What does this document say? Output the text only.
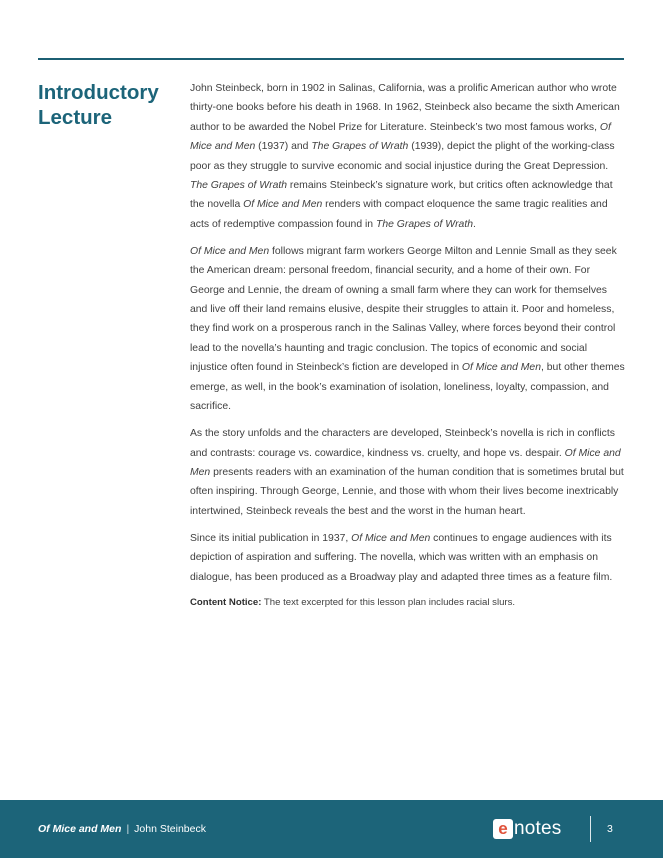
Introductory Lecture

John Steinbeck, born in 1902 in Salinas, California, was a prolific American author who wrote thirty-one books before his death in 1968. In 1962, Steinbeck also became the sixth American author to be awarded the Nobel Prize for Literature. Steinbeck’s two most famous works, Of Mice and Men (1937) and The Grapes of Wrath (1939), depict the plight of the working-class poor as they struggle to survive economic and social injustice during the Great Depression. The Grapes of Wrath remains Steinbeck’s signature work, but critics often acknowledge that the novella Of Mice and Men renders with compact eloquence the same tragic realities and acts of redemptive compassion found in The Grapes of Wrath.

Of Mice and Men follows migrant farm workers George Milton and Lennie Small as they seek the American dream: personal freedom, financial security, and a home of their own. For George and Lennie, the dream of owning a small farm where they can work for themselves and live off their land remains elusive, despite their struggles to attain it. Poor and homeless, they find work on a prosperous ranch in the Salinas Valley, where forces beyond their control lead to the novella’s haunting and tragic conclusion. The topics of economic and social injustice often found in Steinbeck’s fiction are developed in Of Mice and Men, but other themes emerge, as well, in the book’s examination of isolation, loneliness, loyalty, compassion, and sacrifice.

As the story unfolds and the characters are developed, Steinbeck’s novella is rich in conflicts and contrasts: courage vs. cowardice, kindness vs. cruelty, and hope vs. despair. Of Mice and Men presents readers with an examination of the human condition that is sometimes brutal but often inspiring. Through George, Lennie, and those with whom their lives become inextricably intertwined, Steinbeck reveals the best and the worst in the human heart.

Since its initial publication in 1937, Of Mice and Men continues to engage audiences with its depiction of aspiration and suffering. The novella, which was written with an emphasis on dialogue, has been produced as a Broadway play and adapted three times as a feature film.

Content Notice: The text excerpted for this lesson plan includes racial slurs.

Of Mice and Men | John Steinbeck	e notes	3
